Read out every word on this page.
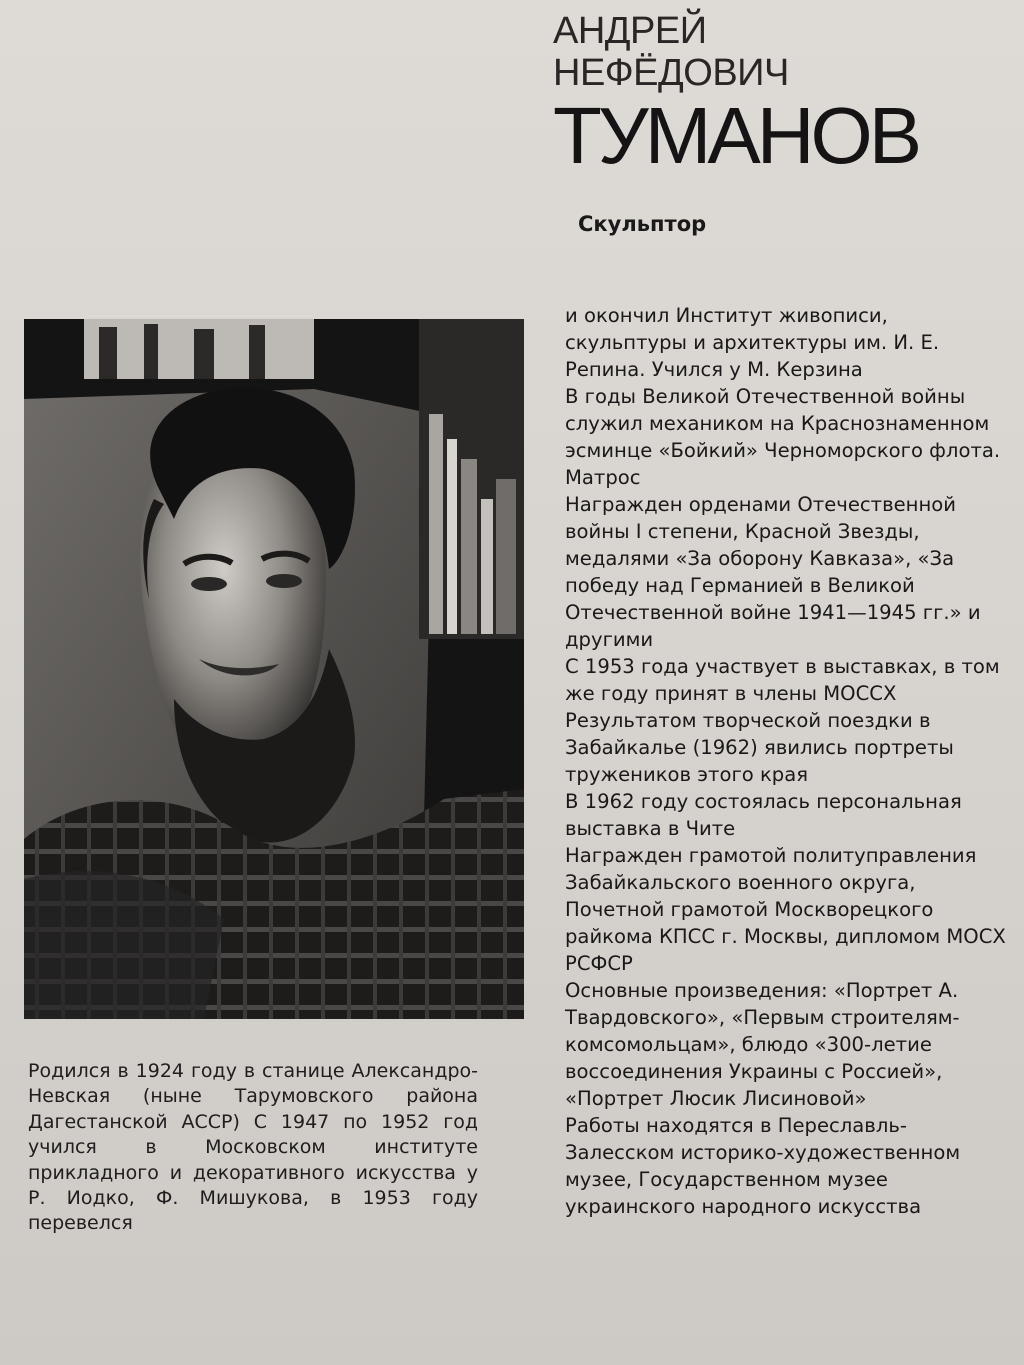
АНДРЕЙ
НЕФЁДОВИЧ
ТУМАНОВ
Скульптор

Родился в 1924 году в станице Александро-Невская (ныне Тарумовского района Дагестанской АССР) С 1947 по 1952 год учился в Московском институте прикладного и декоративного искусства у Р. Иодко, Ф. Мишукова, в 1953 году перевелся

и окончил Институт живописи, скульптуры и архитектуры им. И. Е. Репина. Учился у М. Керзина

В годы Великой Отечественной войны служил механиком на Краснознаменном эсминце «Бойкий» Черноморского флота. Матрос

Награжден орденами Отечественной войны I степени, Красной Звезды, медалями «За оборону Кавказа», «За победу над Германией в Великой Отечественной войне 1941—1945 гг.» и другими

С 1953 года участвует в выставках, в том же году принят в члены МОССХ

Результатом творческой поездки в Забайкалье (1962) явились портреты тружеников этого края

В 1962 году состоялась персональная выставка в Чите

Награжден грамотой политуправления Забайкальского военного округа, Почетной грамотой Москворецкого райкома КПСС г. Москвы, дипломом МОСХ РСФСР

Основные произведения: «Портрет А. Твардовского», «Первым строителям-комсомольцам», блюдо «300-летие воссоединения Украины с Россией», «Портрет Люсик Лисиновой»

Работы находятся в Переславль-Залесском историко-художественном музее, Государственном музее украинского народного искусства
